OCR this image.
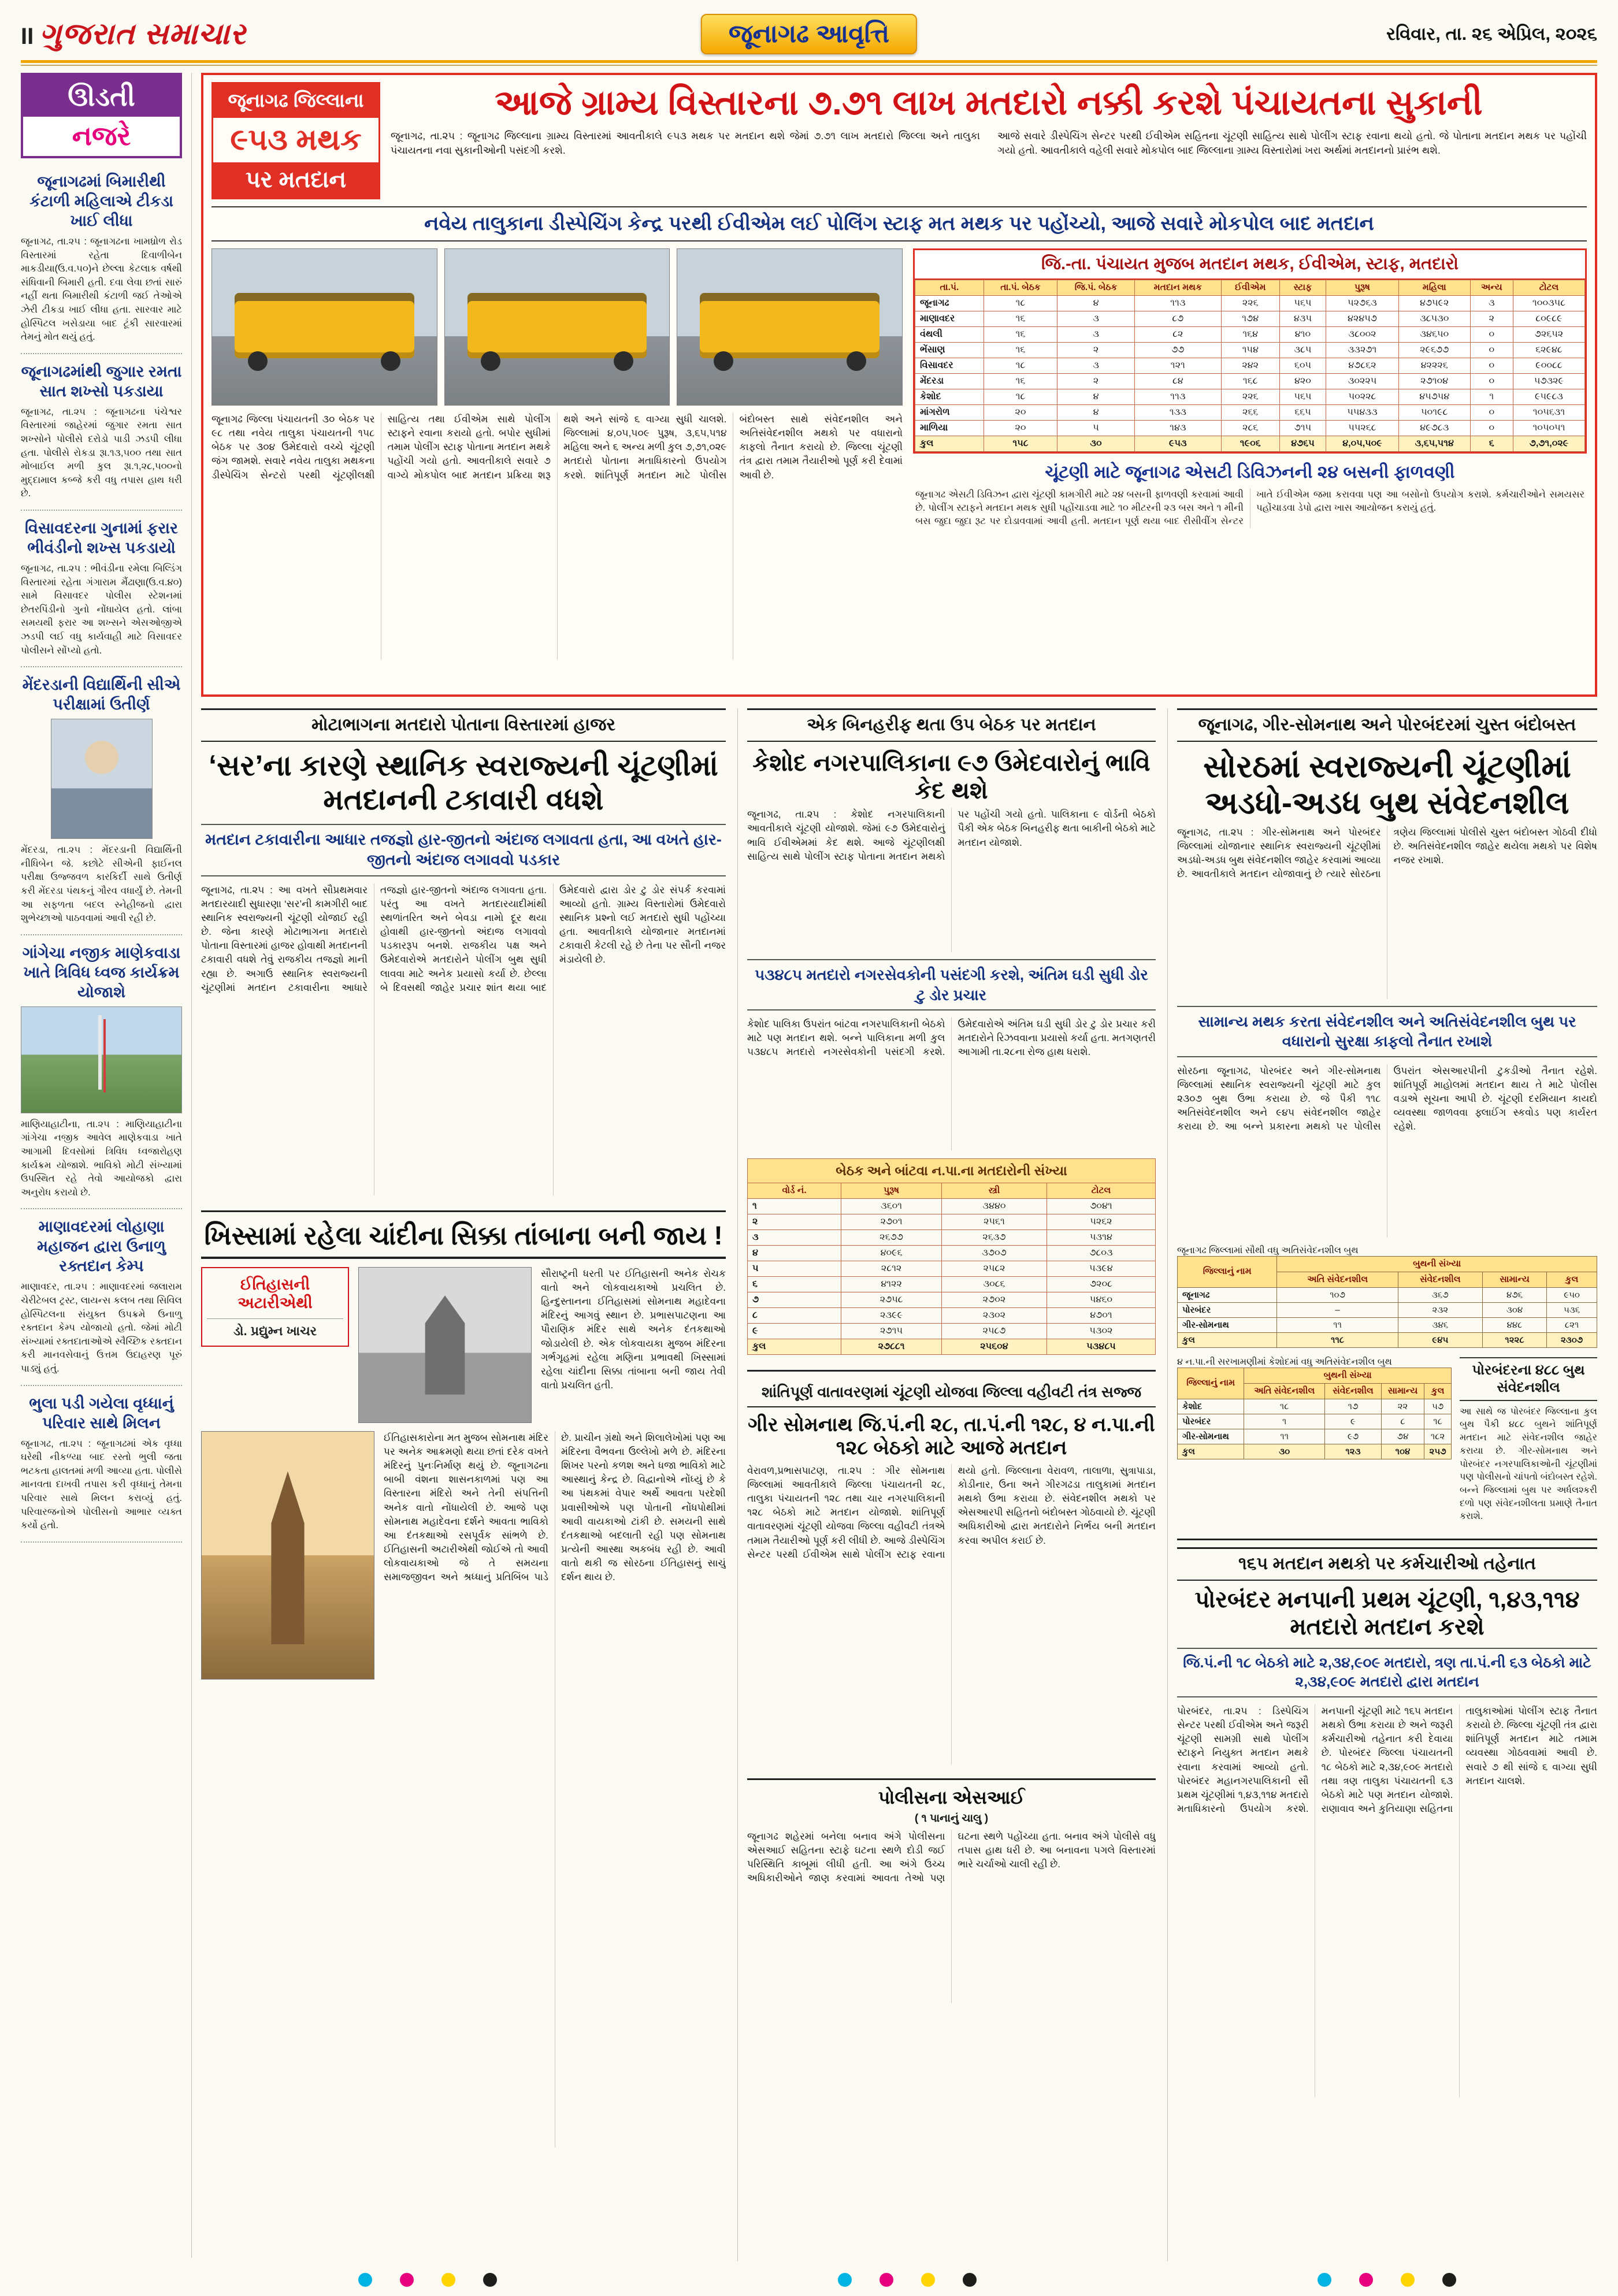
II ગુજરાત સમાચાર	જૂનાગઢ આવૃત્તિ	રવિવાર, તા. ૨૬ એપ્રિલ, ૨૦૨૬
ઊડતી
નજરે
જૂનાગઢમાં બિમારીથી કંટાળી મહિલાએ ટીકડા ખાઈ લીધા

જૂનાગઢ, તા.૨૫ : જૂનાગઢના ખામધ્રોળ રોડ વિસ્તારમાં રહેતા દિવાળીબેન માકડીયા(ઉ.વ.૫૦)ને છેલ્લા કેટલાક વર્ષથી સંધિવાની બિમારી હતી. દવા લેવા છતાં સારું નહીં થતા બિમારીથી કંટાળી જઈ તેઓએ ઝેરી ટીકડા ખાઈ લીધા હતા. સારવાર માટે હોસ્પિટલ ખસેડાયા બાદ ટૂંકી સારવારમાં તેમનું મોત થયું હતું.

જૂનાગઢમાંથી જુગાર રમતા સાત શખ્સો પકડાયા

જૂનાગઢ, તા.૨૫ : જૂનાગઢના પંચેશ્વર વિસ્તારમાં જાહેરમાં જુગાર રમતા સાત શખ્સોને પોલીસે દરોડો પાડી ઝડપી લીધા હતા. પોલીસે રોકડા રૂા.૧૩,૫૦૦ તથા સાત મોબાઈલ મળી કુલ રૂા.૧,૨૮,૫૦૦નો મુદ્દામાલ કબ્જે કરી વધુ તપાસ હાથ ધરી છે.

વિસાવદરના ગુનામાં ફરાર ભીવંડીનો શખ્સ પકડાયો

જૂનાગઢ, તા.૨૫ : ભીવંડીના રમેલા બિલ્ડિંગ વિસ્તારમાં રહેતા ગંગારામ મૈંઢાણા(ઉ.વ.૪૦) સામે વિસાવદર પોલીસ સ્ટેશનમાં છેતરપિંડીનો ગુનો નોંધાયેલ હતો. લાંબા સમયથી ફરાર આ શખ્સને એસઓજીએ ઝડપી લઈ વધુ કાર્યવાહી માટે વિસાવદર પોલીસને સોંપ્યો હતો.

મેંદરડાની વિદ્યાર્થિની સીએ પરીક્ષામાં ઉતીર્ણ

મેંદરડા, તા.૨૫ : મેંદરડાની વિદ્યાર્થિની નીધિબેન જે. કછોટે સીએની ફાઈનલ પરીક્ષા ઉજ્જવળ કારકિર્દી સાથે ઉતીર્ણ કરી મેંદરડા પંથકનું ગૌરવ વધાર્યું છે. તેમની આ સફળતા બદલ સ્નેહીજનો દ્વારા શુભેચ્છાઓ પાઠવવામાં આવી રહી છે.

ગાંગેચા નજીક માણેકવાડા ખાતે ત્રિવિધ ધ્વજ કાર્યક્રમ યોજાશે

માણિયાહાટીના, તા.૨૫ : માણિયાહાટીના ગાંગેચા નજીક આવેલ માણેકવાડા ખાતે આગામી દિવસોમાં ત્રિવિધ ધ્વજારોહણ કાર્યક્રમ યોજાશે. ભાવિકો મોટી સંખ્યામાં ઉપસ્થિત રહે તેવો આયોજકો દ્વારા અનુરોધ કરાયો છે.

માણાવદરમાં લોહાણા મહાજન દ્વારા ઉનાળુ રક્તદાન કેમ્પ

માણાવદર, તા.૨૫ : માણાવદરમાં જલારામ ચેરીટેબલ ટ્રસ્ટ, લાયન્સ કલબ તથા સિવિલ હોસ્પિટલના સંયુક્ત ઉપક્રમે ઉનાળુ રક્તદાન કેમ્પ યોજાયો હતો. જેમાં મોટી સંખ્યામાં રક્તદાતાઓએ સ્વૈચ્છિક રક્તદાન કરી માનવસેવાનું ઉત્તમ ઉદાહરણ પૂરું પાડ્યું હતું.

ભુલા પડી ગયેલા વૃધ્ધાનું પરિવાર સાથે મિલન

જૂનાગઢ, તા.૨૫ : જૂનાગઢમાં એક વૃધ્ધા ઘરેથી નીકળ્યા બાદ રસ્તો ભુલી જતા ભટકતા હાલતમાં મળી આવ્યા હતા. પોલીસે માનવતા દાખવી તપાસ કરી વૃધ્ધાનું તેમના પરિવાર સાથે મિલન કરાવ્યું હતું. પરિવારજનોએ પોલીસનો આભાર વ્યક્ત કર્યો હતો.

જૂનાગઢ જિલ્લાના
૯૫૩ મથક
પર મતદાન
આજે ગ્રામ્ય વિસ્તારના ૭.૭૧ લાખ મતદારો નક્કી કરશે પંચાયતના સુકાની

જૂનાગઢ, તા.૨૫ : જૂનાગઢ જિલ્લાના ગ્રામ્ય વિસ્તારમાં આવતીકાલે ૯૫૩ મથક પર મતદાન થશે જેમાં ૭.૭૧ લાખ મતદારો જિલ્લા અને તાલુકા પંચાયતના નવા સુકાનીઓની પસંદગી કરશે.

આજે સવારે ડીસ્પેચિંગ સેન્ટર પરથી ઈવીએમ સહિતના ચૂંટણી સાહિત્ય સાથે પોલીંગ સ્ટાફ રવાના થયો હતો. જે પોતાના મતદાન મથક પર પહોંચી ગયો હતો. આવતીકાલે વહેલી સવારે મોકપોલ બાદ જિલ્લાના ગ્રામ્ય વિસ્તારોમાં ખરા અર્થમાં મતદાનનો પ્રારંભ થશે.

નવેય તાલુકાના ડીસ્પેચિંગ કેન્દ્ર પરથી ઈવીએમ લઈ પોલિંગ સ્ટાફ મત મથક પર પહોંચ્યો, આજે સવારે મોકપોલ બાદ મતદાન
જૂનાગઢ જિલ્લા પંચાયતની ૩૦ બેઠક પર ૯૮ તથા નવેય તાલુકા પંચાયતની ૧૫૮ બેઠક પર ૩૦૪ ઉમેદવારો વચ્ચે ચૂંટણી જંગ જામશે. સવારે નવેય તાલુકા મથકના ડીસ્પેચિંગ સેન્ટરો પરથી ચૂંટણીલક્ષી સાહિત્ય તથા ઈવીએમ સાથે પોલીંગ સ્ટાફને રવાના કરાયો હતો. બપોર સુધીમાં તમામ પોલીંગ સ્ટાફ પોતાના મતદાન મથકે પહોંચી ગયો હતો. આવતીકાલે સવારે ૭ વાગ્યે મોકપોલ બાદ મતદાન પ્રક્રિયા શરૂ થશે અને સાંજે ૬ વાગ્યા સુધી ચાલશે. જિલ્લામાં ૪,૦૫,૫૦૯ પુરૂષ, ૩,૬૫,૫૧૪ મહિલા અને ૬ અન્ય મળી કુલ ૭,૭૧,૦૨૯ મતદારો પોતાના મતાધિકારનો ઉપયોગ કરશે. શાંતિપૂર્ણ મતદાન માટે પોલીસ બંદોબસ્ત સાથે સંવેદનશીલ અને અતિસંવેદનશીલ મથકો પર વધારાનો કાફલો તૈનાત કરાયો છે. જિલ્લા ચૂંટણી તંત્ર દ્વારા તમામ તૈયારીઓ પૂર્ણ કરી દેવામાં આવી છે.
જિ.-તા. પંચાયત મુજબ મતદાન મથક, ઈવીએમ, સ્ટાફ, મતદારો
તા.પં.	તા.પં. બેઠક	જિ.પં. બેઠક	મતદાન મથક	ઈવીએમ	સ્ટાફ	પુરૂષ	મહિલા	અન્ય	ટોટલ
જૂનાગઢ	૧૮	૪	૧૧૩	૨૨૬	૫૬૫	૫૨૭૬૩	૪૭૫૯૨	૩	૧૦૦૩૫૮
માણાવદર	૧૬	૩	૮૭	૧૭૪	૪૩૫	૪૨૪૫૭	૩૮૫૩૦	૨	૮૦૯૮૯
વંથલી	૧૬	૩	૮૨	૧૬૪	૪૧૦	૩૮૦૦૨	૩૪૬૫૦	૦	૭૨૬૫૨
ભેંસાણ	૧૬	૨	૭૭	૧૫૪	૩૮૫	૩૩૨૭૧	૨૯૬૭૭	૦	૬૨૯૪૮
વિસાવદર	૧૮	૩	૧૨૧	૨૪૨	૬૦૫	૪૭૮૬૨	૪૨૨૨૬	૦	૯૦૦૮૮
મેંદરડા	૧૬	૨	૮૪	૧૬૮	૪૨૦	૩૦૨૨૫	૨૭૧૦૪	૦	૫૭૩૨૯
કેશોદ	૧૮	૪	૧૧૩	૨૨૬	૫૬૫	૫૦૨૨૮	૪૫૭૫૪	૧	૯૫૯૮૩
માંગરોળ	૨૦	૪	૧૩૩	૨૬૬	૬૬૫	૫૫૪૩૩	૫૦૧૯૮	૦	૧૦૫૬૩૧
માળિયા	૨૦	૫	૧૪૩	૨૮૬	૭૧૫	૫૫૨૬૮	૪૯૭૮૩	૦	૧૦૫૦૫૧
કુલ	૧૫૮	૩૦	૯૫૩	૧૯૦૬	૪૭૬૫	૪,૦૫,૫૦૯	૩,૬૫,૫૧૪	૬	૭,૭૧,૦૨૯
ચૂંટણી માટે જૂનાગઢ એસટી ડિવિઝનની ૨૪ બસની ફાળવણી

જૂનાગઢ એસટી ડિવિઝન દ્વારા ચૂંટણી કામગીરી માટે ૨૪ બસની ફાળવણી કરવામાં આવી છે. પોલીંગ સ્ટાફને મતદાન મથક સુધી પહોંચાડવા માટે ૧૦ મીટરની ૨૩ બસ અને ૧ મીની બસ જુદા જુદા રૂટ પર દોડાવવામાં આવી હતી. મતદાન પૂર્ણ થયા બાદ રીસીવીંગ સેન્ટર ખાતે ઈવીએમ જમા કરાવવા પણ આ બસોનો ઉપયોગ કરાશે. કર્મચારીઓને સમયસર પહોંચાડવા ડેપો દ્વારા ખાસ આયોજન કરાયું હતું.

મોટાભાગના મતદારો પોતાના વિસ્તારમાં હાજર
‘સર’ના કારણે સ્થાનિક સ્વરાજ્યની ચૂંટણીમાં મતદાનની ટકાવારી વધશે
મતદાન ટકાવારીના આધાર તજજ્ઞો હાર-જીતનો અંદાજ લગાવતા હતા, આ વખતે હાર-જીતનો અંદાજ લગાવવો પડકાર
જૂનાગઢ, તા.૨૫ : આ વખતે સૌપ્રથમવાર મતદારયાદી સુધારણા ‘સર’ની કામગીરી બાદ સ્થાનિક સ્વરાજ્યની ચૂંટણી યોજાઈ રહી છે. જેના કારણે મોટાભાગના મતદારો પોતાના વિસ્તારમાં હાજર હોવાથી મતદાનની ટકાવારી વધશે તેવું રાજકીય તજજ્ઞો માની રહ્યા છે. અગાઉ સ્થાનિક સ્વરાજ્યની ચૂંટણીમાં મતદાન ટકાવારીના આધારે તજજ્ઞો હાર-જીતનો અંદાજ લગાવતા હતા. પરંતુ આ વખતે મતદારયાદીમાંથી સ્થળાંતરિત અને બેવડા નામો દૂર થયા હોવાથી હાર-જીતનો અંદાજ લગાવવો પડકારરૂપ બનશે. રાજકીય પક્ષ અને ઉમેદવારોએ મતદારોને પોલીંગ બુથ સુધી લાવવા માટે અનેક પ્રયાસો કર્યા છે. છેલ્લા બે દિવસથી જાહેર પ્રચાર શાંત થયા બાદ ઉમેદવારો દ્વારા ડોર ટુ ડોર સંપર્ક કરવામાં આવ્યો હતો. ગ્રામ્ય વિસ્તારોમાં ઉમેદવારો સ્થાનિક પ્રશ્નો લઈ મતદારો સુધી પહોંચ્યા હતા. આવતીકાલે યોજાનાર મતદાનમાં ટકાવારી કેટલી રહે છે તેના પર સૌની નજર મંડાયેલી છે.
ખિસ્સામાં રહેલા ચાંદીના સિક્કા તાંબાના બની જાય !
ઈતિહાસની અટારીએથી
ડો. પ્રદ્યુમ્ન ખાચર
સૌરાષ્ટ્રની ધરતી પર ઈતિહાસની અનેક રોચક વાતો અને લોકવાયકાઓ પ્રચલિત છે. હિન્દુસ્તાનના ઈતિહાસમાં સોમનાથ મહાદેવના મંદિરનું આગવું સ્થાન છે. પ્રભાસપાટણના આ પૌરાણિક મંદિર સાથે અનેક દંતકથાઓ જોડાયેલી છે. એક લોકવાયકા મુજબ મંદિરના ગર્ભગૃહમાં રહેલા મણિના પ્રભાવથી ખિસ્સામાં રહેલા ચાંદીના સિક્કા તાંબાના બની જાય તેવી વાતો પ્રચલિત હતી.
ઈતિહાસકારોના મત મુજબ સોમનાથ મંદિર પર અનેક આક્રમણો થયા છતાં દરેક વખતે મંદિરનું પુનઃનિર્માણ થયું છે. જૂનાગઢના બાબી વંશના શાસનકાળમાં પણ આ વિસ્તારના મંદિરો અને તેની સંપત્તિની અનેક વાતો નોંધાયેલી છે. આજે પણ સોમનાથ મહાદેવના દર્શને આવતા ભાવિકો આ દંતકથાઓ રસપૂર્વક સાંભળે છે. ઈતિહાસની અટારીએથી જોઈએ તો આવી લોકવાયકાઓ જે તે સમયના સમાજજીવન અને શ્રધ્ધાનું પ્રતિબિંબ પાડે છે. પ્રાચીન ગ્રંથો અને શિલાલેખોમાં પણ આ મંદિરના વૈભવના ઉલ્લેખો મળે છે. મંદિરના શિખર પરનો કળશ અને ધજા ભાવિકો માટે આસ્થાનું કેન્દ્ર છે. વિદ્વાનોએ નોંધ્યું છે કે આ પંથકમાં વેપાર અર્થે આવતા પરદેશી પ્રવાસીઓએ પણ પોતાની નોંધપોથીમાં આવી વાયકાઓ ટાંકી છે. સમયની સાથે દંતકથાઓ બદલાતી રહી પણ સોમનાથ પ્રત્યેની આસ્થા અકબંધ રહી છે. આવી વાતો થકી જ સોરઠના ઈતિહાસનું સાચું દર્શન થાય છે.
એક બિનહરીફ થતા ઉપ બેઠક પર મતદાન
કેશોદ નગરપાલિકાના ૯૭ ઉમેદવારોનું ભાવિ કેદ થશે
જૂનાગઢ, તા.૨૫ : કેશોદ નગરપાલિકાની આવતીકાલે ચૂંટણી યોજાશે. જેમાં ૯૭ ઉમેદવારોનું ભાવિ ઈવીએમમાં કેદ થશે. આજે ચૂંટણીલક્ષી સાહિત્ય સાથે પોલીંગ સ્ટાફ પોતાના મતદાન મથકો પર પહોંચી ગયો હતો. પાલિકાના ૯ વોર્ડની બેઠકો પૈકી એક બેઠક બિનહરીફ થતા બાકીની બેઠકો માટે મતદાન યોજાશે.
૫૩૪૮૫ મતદારો નગરસેવકોની પસંદગી કરશે, અંતિમ ઘડી સુધી ડોર ટુ ડોર પ્રચાર
કેશોદ પાલિકા ઉપરાંત બાંટવા નગરપાલિકાની બેઠકો માટે પણ મતદાન થશે. બન્ને પાલિકાના મળી કુલ ૫૩૪૮૫ મતદારો નગરસેવકોની પસંદગી કરશે. ઉમેદવારોએ અંતિમ ઘડી સુધી ડોર ટુ ડોર પ્રચાર કરી મતદારોને રિઝવવાના પ્રયાસો કર્યા હતા. મતગણતરી આગામી તા.૨૮ના રોજ હાથ ધરાશે.
બેઠક અને બાંટવા ન.પા.ના મતદારોની સંખ્યા
વોર્ડ નં.	પુરૂષ	સ્ત્રી	ટોટલ
૧	૩૬૦૧	૩૪૪૦	૭૦૪૧
૨	૨૭૦૧	૨૫૬૧	૫૨૬૨
૩	૨૬૭૭	૨૬૩૭	૫૩૧૪
૪	૪૦૯૬	૩૭૦૭	૭૮૦૩
૫	૨૮૧૨	૨૫૮૨	૫૩૯૪
૬	૪૧૨૨	૩૦૮૬	૭૨૦૮
૭	૨૭૫૮	૨૭૦૨	૫૪૬૦
૮	૨૩૯૯	૨૩૦૨	૪૭૦૧
૯	૨૭૧૫	૨૫૮૭	૫૩૦૨
કુલ	૨૭૮૮૧	૨૫૬૦૪	૫૩૪૮૫
શાંતિપૂર્ણ વાતાવરણમાં ચૂંટણી યોજવા જિલ્લા વહીવટી તંત્ર સજ્જ
ગીર સોમનાથ જિ.પં.ની ૨૮, તા.પં.ની ૧૨૮, ૪ ન.પા.ની ૧૨૮ બેઠકો માટે આજે મતદાન
વેરાવળ,પ્રભાસપાટણ, તા.૨૫ : ગીર સોમનાથ જિલ્લામાં આવતીકાલે જિલ્લા પંચાયતની ૨૮, તાલુકા પંચાયતની ૧૨૮ તથા ચાર નગરપાલિકાની ૧૨૮ બેઠકો માટે મતદાન યોજાશે. શાંતિપૂર્ણ વાતાવરણમાં ચૂંટણી યોજવા જિલ્લા વહીવટી તંત્રએ તમામ તૈયારીઓ પૂર્ણ કરી લીધી છે. આજે ડીસ્પેચિંગ સેન્ટર પરથી ઈવીએમ સાથે પોલીંગ સ્ટાફ રવાના થયો હતો. જિલ્લાના વેરાવળ, તાલાળા, સુત્રાપાડા, કોડીનાર, ઉના અને ગીરગઢડા તાલુકામાં મતદાન મથકો ઉભા કરાયા છે. સંવેદનશીલ મથકો પર એસઆરપી સહિતનો બંદોબસ્ત ગોઠવાયો છે. ચૂંટણી અધિકારીઓ દ્વારા મતદારોને નિર્ભય બની મતદાન કરવા અપીલ કરાઈ છે.
પોલીસના એસઆઈ
( ૧ પાનાનું ચાલુ )
જૂનાગઢ શહેરમાં બનેલા બનાવ અંગે પોલીસના એસઆઈ સહિતના સ્ટાફે ઘટના સ્થળે દોડી જઈ પરિસ્થિતિ કાબૂમાં લીધી હતી. આ અંગે ઉચ્ચ અધિકારીઓને જાણ કરવામાં આવતા તેઓ પણ ઘટના સ્થળે પહોંચ્યા હતા. બનાવ અંગે પોલીસે વધુ તપાસ હાથ ધરી છે. આ બનાવના પગલે વિસ્તારમાં ભારે ચર્ચાઓ ચાલી રહી છે.
જૂનાગઢ, ગીર-સોમનાથ અને પોરબંદરમાં ચુસ્ત બંદોબસ્ત
સોરઠમાં સ્વરાજ્યની ચૂંટણીમાં અડધો-અડધ બુથ સંવેદનશીલ
જૂનાગઢ, તા.૨૫ : ગીર-સોમનાથ અને પોરબંદર જિલ્લામાં યોજાનાર સ્થાનિક સ્વરાજ્યની ચૂંટણીમાં અડધો-અડધ બુથ સંવેદનશીલ જાહેર કરવામાં આવ્યા છે. આવતીકાલે મતદાન યોજાવાનું છે ત્યારે સોરઠના ત્રણેય જિલ્લામાં પોલીસે ચુસ્ત બંદોબસ્ત ગોઠવી દીધો છે. અતિસંવેદનશીલ જાહેર થયેલા મથકો પર વિશેષ નજર રખાશે.
સામાન્ય મથક કરતા સંવેદનશીલ અને અતિસંવેદનશીલ બુથ પર વધારાનો સુરક્ષા કાફલો તૈનાત રખાશે
સોરઠના જૂનાગઢ, પોરબંદર અને ગીર-સોમનાથ જિલ્લામાં સ્થાનિક સ્વરાજ્યની ચૂંટણી માટે કુલ ૨૩૦૭ બુથ ઉભા કરાયા છે. જે પૈકી ૧૧૮ અતિસંવેદનશીલ અને ૯૪૫ સંવેદનશીલ જાહેર કરાયા છે. આ બન્ને પ્રકારના મથકો પર પોલીસ ઉપરાંત એસઆરપીની ટુકડીઓ તૈનાત રહેશે. શાંતિપૂર્ણ માહોલમાં મતદાન થાય તે માટે પોલીસ વડાએ સૂચના આપી છે. ચૂંટણી દરમિયાન કાયદો વ્યવસ્થા જાળવવા ફ્લાઈંગ સ્કવોડ પણ કાર્યરત રહેશે.
જૂનાગઢ જિલ્લામાં સૌથી વધુ અતિસંવેદનશીલ બુથ
જિલ્લાનું નામ	બુથની સંખ્યા			
	અતિ સંવેદનશીલ	સંવેદનશીલ	સામાન્ય	કુલ
જૂનાગઢ	૧૦૭	૩૬૭	૪૭૬	૯૫૦
પોરબંદર	–	૨૩૨	૩૦૪	૫૩૬
ગીર-સોમનાથ	૧૧	૩૪૬	૪૪૮	૮૨૧
કુલ	૧૧૮	૯૪૫	૧૨૨૮	૨૩૦૭
૪ ન.પા.ની સરખામણીમાં કેશોદમાં વધુ અતિસંવેદનશીલ બુથ
જિલ્લાનું નામ	બુથની સંખ્યા			
	અતિ સંવેદનશીલ	સંવેદનશીલ	સામાન્ય	કુલ
કેશોદ	૧૮	૧૭	૨૨	૫૭
પોરબંદર	૧	૯	૮	૧૮
ગીર-સોમનાથ	૧૧	૯૭	૭૪	૧૮૨
કુલ	૩૦	૧૨૩	૧૦૪	૨૫૭
પોરબંદરના ૪૮૮ બુથ સંવેદનશીલ

આ સાથે જ પોરબંદર જિલ્લાના કુલ બુથ પૈકી ૪૮૮ બુથને શાંતિપૂર્ણ મતદાન માટે સંવેદનશીલ જાહેર કરાયા છે. ગીર-સોમનાથ અને પોરબંદર નગરપાલિકાઓની ચૂંટણીમાં પણ પોલીસનો ચાંપતો બંદોબસ્ત રહેશે. બન્ને જિલ્લામાં બુથ પર અર્ધલશ્કરી દળો પણ સંવેદનશીલતા પ્રમાણે તૈનાત કરાશે.

૧૬૫ મતદાન મથકો પર કર્મચારીઓ તહેનાત
પોરબંદર મનપાની પ્રથમ ચૂંટણી, ૧,૪૩,૧૧૪ મતદારો મતદાન કરશે
જિ.પં.ની ૧૮ બેઠકો માટે ૨,૩૪,૯૦૯ મતદારો, ત્રણ તા.પં.ની ૬૩ બેઠકો માટે ૨,૩૪,૯૦૯ મતદારો દ્વારા મતદાન
પોરબંદર, તા.૨૫ : ડિસ્પેચિંગ સેન્ટર પરથી ઈવીએમ અને જરૂરી ચૂંટણી સામગ્રી સાથે પોલીંગ સ્ટાફને નિયુક્ત મતદાન મથકે રવાના કરવામાં આવ્યો હતો. પોરબંદર મહાનગરપાલિકાની સૌ પ્રથમ ચૂંટણીમાં ૧,૪૩,૧૧૪ મતદારો મતાધિકારનો ઉપયોગ કરશે. મનપાની ચૂંટણી માટે ૧૬૫ મતદાન મથકો ઉભા કરાયા છે અને જરૂરી કર્મચારીઓ તહેનાત કરી દેવાયા છે. પોરબંદર જિલ્લા પંચાયતની ૧૮ બેઠકો માટે ૨,૩૪,૯૦૯ મતદારો તથા ત્રણ તાલુકા પંચાયતની ૬૩ બેઠકો માટે પણ મતદાન યોજાશે. રાણાવાવ અને કુતિયાણા સહિતના તાલુકાઓમાં પોલીંગ સ્ટાફ તૈનાત કરાયો છે. જિલ્લા ચૂંટણી તંત્ર દ્વારા શાંતિપૂર્ણ મતદાન માટે તમામ વ્યવસ્થા ગોઠવવામાં આવી છે. સવારે ૭ થી સાંજે ૬ વાગ્યા સુધી મતદાન ચાલશે.
